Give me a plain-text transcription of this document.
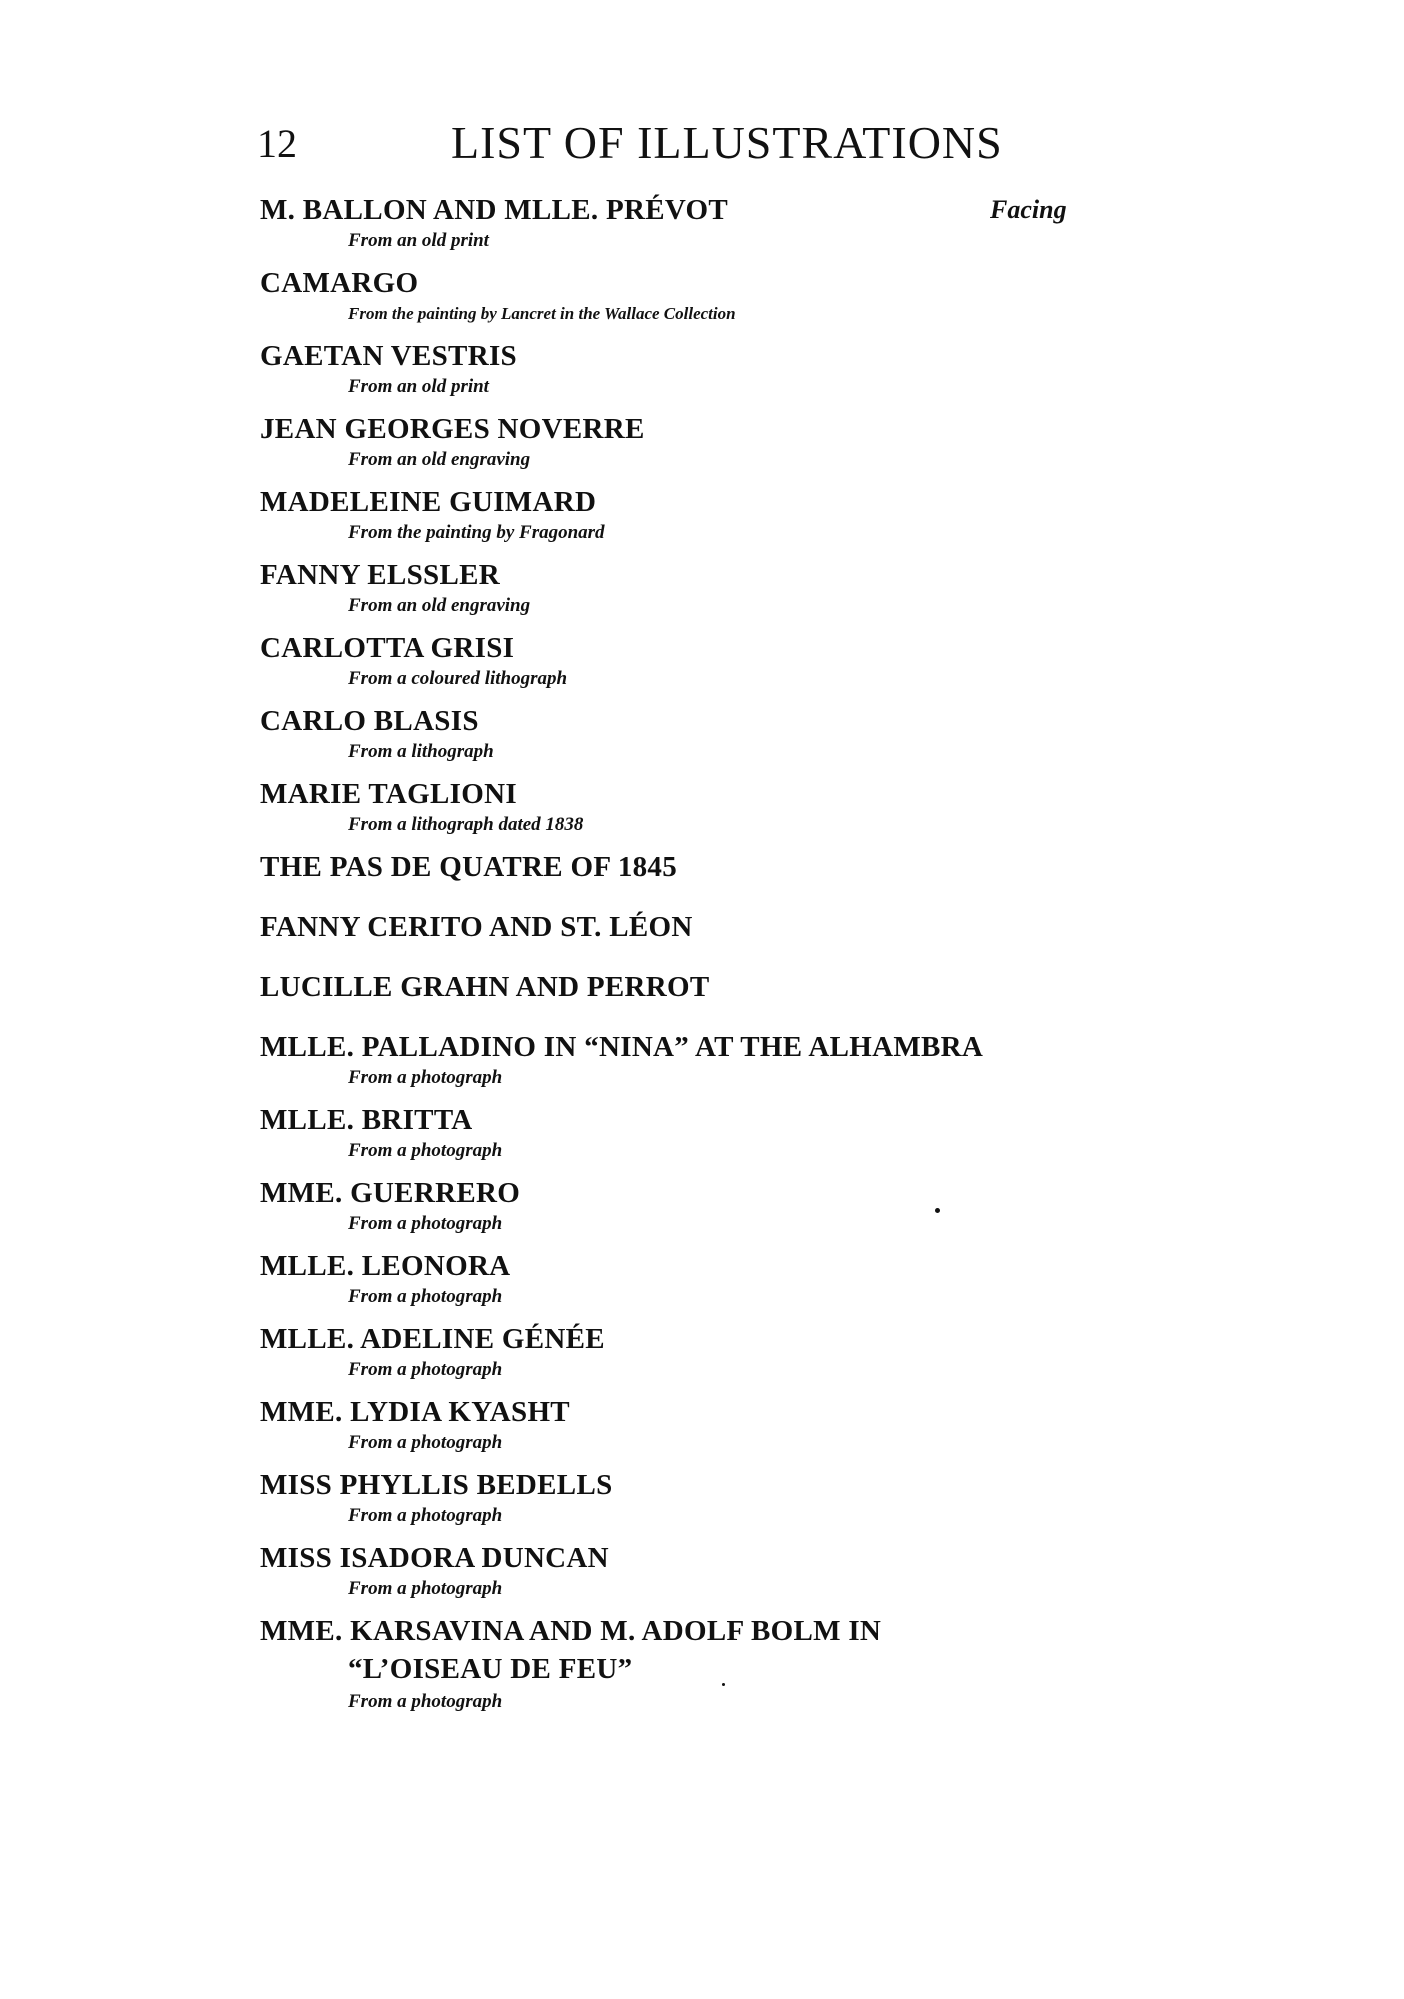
12	LIST OF ILLUSTRATIONS
Facing
M. BALLON AND MLLE. PRÉVOT
From an old print
CAMARGO
From the painting by Lancret in the Wallace Collection
GAETAN VESTRIS
From an old print
JEAN GEORGES NOVERRE
From an old engraving
MADELEINE GUIMARD
From the painting by Fragonard
FANNY ELSSLER
From an old engraving
CARLOTTA GRISI
From a coloured lithograph
CARLO BLASIS
From a lithograph
MARIE TAGLIONI
From a lithograph dated 1838
THE PAS DE QUATRE OF 1845
FANNY CERITO AND ST. LÉON
LUCILLE GRAHN AND PERROT
MLLE. PALLADINO IN “NINA” AT THE ALHAMBRA
From a photograph
MLLE. BRITTA
From a photograph
MME. GUERRERO
From a photograph
MLLE. LEONORA
From a photograph
MLLE. ADELINE GÉNÉE
From a photograph
MME. LYDIA KYASHT
From a photograph
MISS PHYLLIS BEDELLS
From a photograph
MISS ISADORA DUNCAN
From a photograph
MME. KARSAVINA AND M. ADOLF BOLM IN
“L’OISEAU DE FEU”
From a photograph
